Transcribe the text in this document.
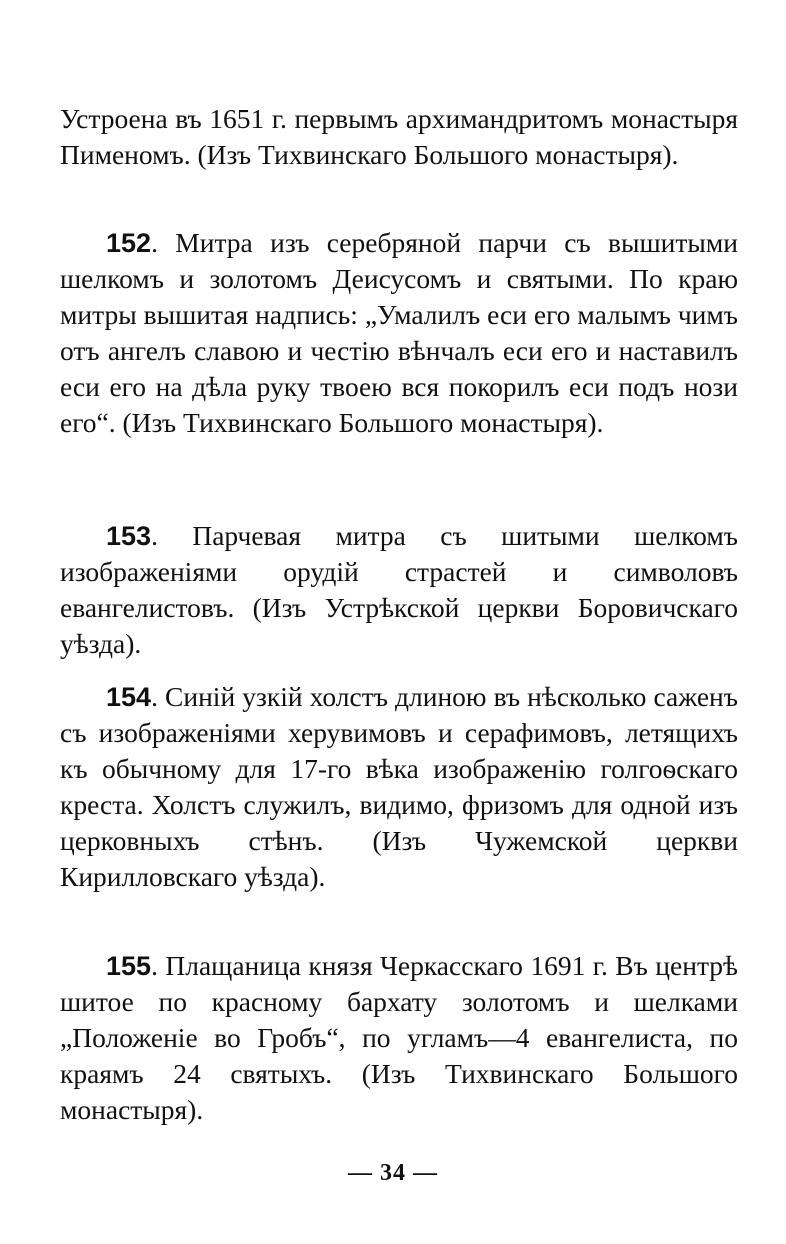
Устроена въ 1651 г. первымъ архимандритомъ монастыря Пименомъ. (Изъ Тихвинскаго Большого монастыря).
152. Митра изъ серебряной парчи съ вышитыми шелкомъ и золотомъ Деисусомъ и святыми. По краю митры вышитая надпись: „Умалилъ еси его малымъ чимъ отъ ангелъ славою и честію вѣнчалъ еси его и наставилъ еси его на дѣла руку твоею вся покорилъ еси подъ нози его“. (Изъ Тихвинскаго Большого монастыря).
153. Парчевая митра съ шитыми шелкомъ изображеніями орудій страстей и символовъ евангелистовъ. (Изъ Устрѣкской церкви Боровичскаго уѣзда).
154. Синій узкій холстъ длиною въ нѣсколько саженъ съ изображеніями херувимовъ и серафимовъ, летящихъ къ обычному для 17-го вѣка изображенію голгоѳскаго креста. Холстъ служилъ, видимо, фризомъ для одной изъ церковныхъ стѣнъ. (Изъ Чужемской церкви Кирилловскаго уѣзда).
155. Плащаница князя Черкасскаго 1691 г. Въ центрѣ шитое по красному бархату золотомъ и шелками „Положеніе во Гробъ“, по угламъ—4 евангелиста, по краямъ 24 святыхъ. (Изъ Тихвинскаго Большого монастыря).
— 34 —
